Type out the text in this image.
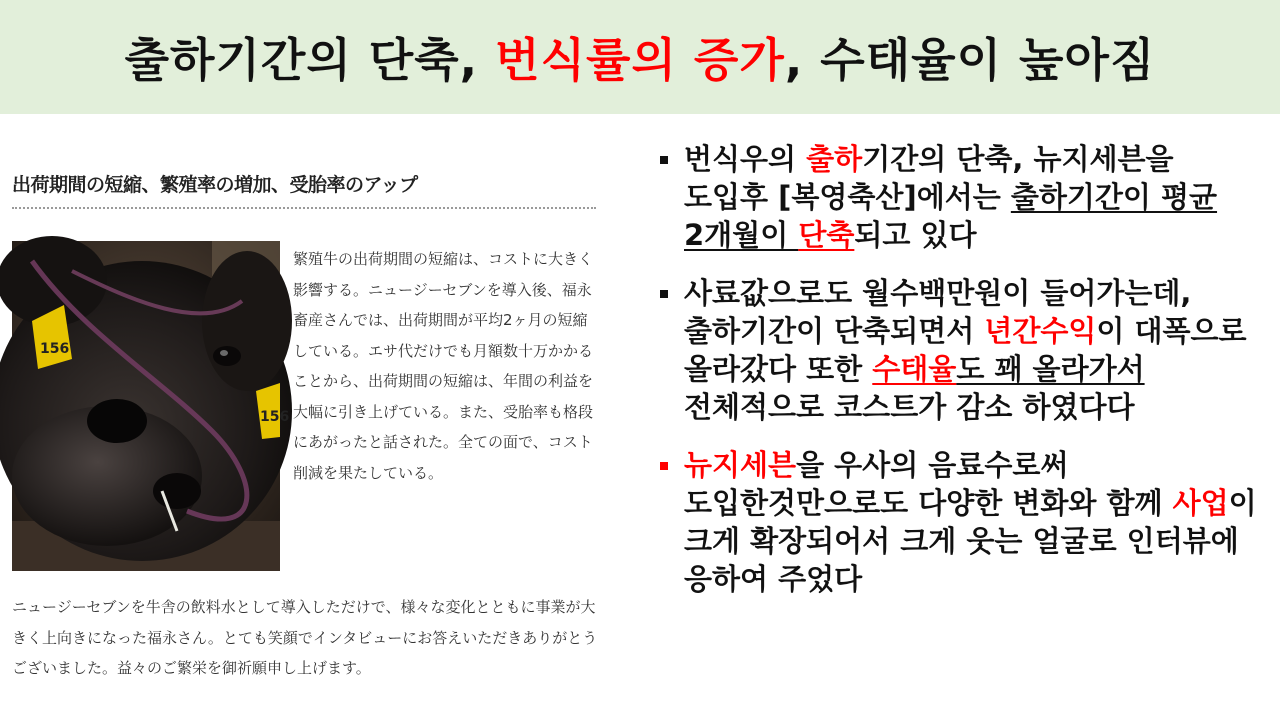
출하기간의 단축, 번식률의 증가, 수태율이 높아짐
出荷期間の短縮、繁殖率の増加、受胎率のアップ
156
156

繁殖牛の出荷期間の短縮は、コストに大きく影響する。ニュージーセブンを導入後、福永畜産さんでは、出荷期間が平均2ヶ月の短縮している。エサ代だけでも月額数十万かかることから、出荷期間の短縮は、年間の利益を大幅に引き上げている。また、受胎率も格段にあがったと話された。全ての面で、コスト削減を果たしている。

ニュージーセブンを牛舎の飲料水として導入しただけで、様々な変化とともに事業が大きく上向きになった福永さん。とても笑顔でインタビューにお答えいただきありがとうございました。益々のご繁栄を御祈願申し上げます。

번식우의 출하기간의 단축, 뉴지세븐을 도입후 [복영축산]에서는 출하기간이 평균 2개월이 단축되고 있다
사료값으로도 월수백만원이 들어가는데, 출하기간이 단축되면서 년간수익이 대폭으로 올라갔다 또한 수태율도 꽤 올라가서 전체적으로 코스트가 감소 하였다다
뉴지세븐을 우사의 음료수로써 도입한것만으로도 다양한 변화와 함께 사업이 크게 확장되어서 크게 웃는 얼굴로 인터뷰에 응하여 주었다
